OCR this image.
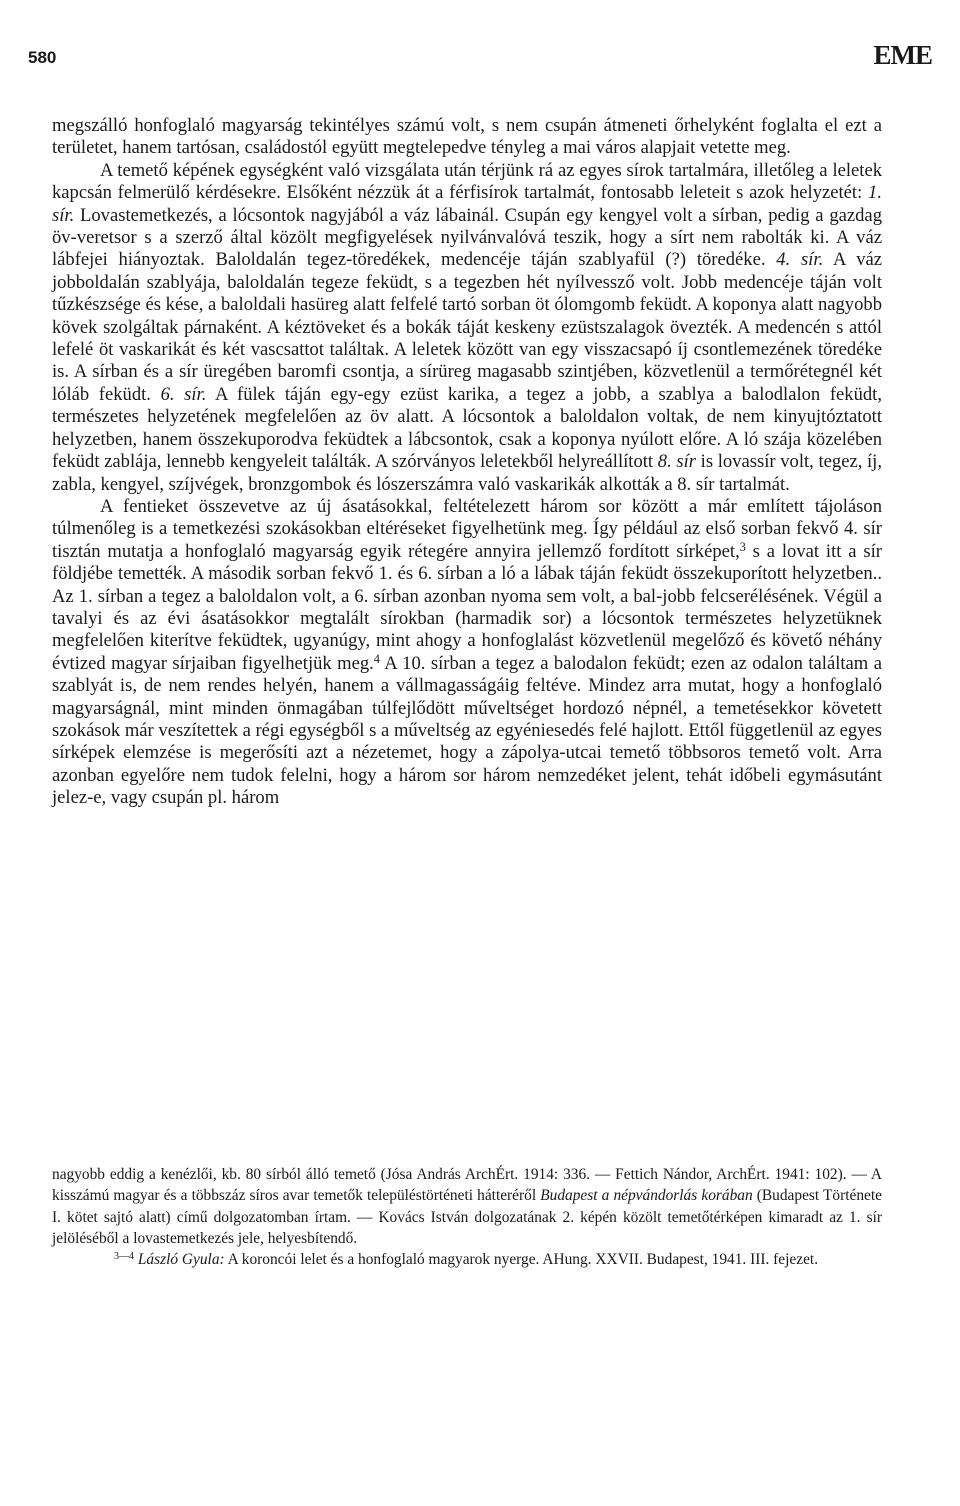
580	EME

megszálló honfoglaló magyarság tekintélyes számú volt, s nem csupán átmeneti őrhelyként foglalta el ezt a területet, hanem tartósan, családostól együtt megtelepedve tényleg a mai város alapjait vetette meg.

A temető képének egységként való vizsgálata után térjünk rá az egyes sírok tartalmára, illetőleg a leletek kapcsán felmerülő kérdésekre. Elsőként nézzük át a férfisírok tartalmát, fontosabb leleteit s azok helyzetét: 1. sír. Lovastemetkezés, a lócsontok nagyjából a váz lábainál. Csupán egy kengyel volt a sírban, pedig a gazdag öv-veretsor s a szerző által közölt megfigyelések nyilvánvalóvá teszik, hogy a sírt nem rabolták ki. A váz lábfejei hiányoztak. Baloldalán tegez-töredékek, medencéje táján szablyafül (?) töredéke. 4. sír. A váz jobboldalán szablyája, baloldalán tegeze feküdt, s a tegezben hét nyílvessző volt. Jobb medencéje táján volt tűzkészsége és kése, a baloldali hasüreg alatt felfelé tartó sorban öt ólomgomb feküdt. A koponya alatt nagyobb kövek szolgáltak párnaként. A kéztöveket és a bokák táját keskeny ezüstszalagok övezték. A medencén s attól lefelé öt vaskarikát és két vascsattot találtak. A leletek között van egy visszacsapó íj csontlemezének töredéke is. A sírban és a sír üregében baromfi csontja, a sírüreg magasabb szintjében, közvetlenül a termőrétegnél két lóláb feküdt. 6. sír. A fülek táján egy-egy ezüst karika, a tegez a jobb, a szablya a balodlalon feküdt, természetes helyzetének megfelelően az öv alatt. A lócsontok a baloldalon voltak, de nem kinyujtóztatott helyzetben, hanem összekuporodva feküdtek a lábcsontok, csak a koponya nyúlott előre. A ló szája közelében feküdt zablája, lennebb kengyeleit találták. A szórványos leletekből helyreállított 8. sír is lovassír volt, tegez, íj, zabla, kengyel, szíjvégek, bronzgombok és lószerszámra való vaskarikák alkották a 8. sír tartalmát.

A fentieket összevetve az új ásatásokkal, feltételezett három sor között a már említett tájoláson túlmenőleg is a temetkezési szokásokban eltéréseket figyelhetünk meg. Így például az első sorban fekvő 4. sír tisztán mutatja a honfoglaló magyarság egyik rétegére annyira jellemző fordított sírképet,$^3$ s a lovat itt a sír földjébe temették. A második sorban fekvő 1. és 6. sírban a ló a lábak táján feküdt összekuporított helyzetben.. Az 1. sírban a tegez a baloldalon volt, a 6. sírban azonban nyoma sem volt, a bal-jobb felcserélésének. Végül a tavalyi és az évi ásatásokkor megtalált sírokban (harmadik sor) a lócsontok természetes helyzetüknek megfelelően kiterítve feküdtek, ugyanúgy, mint ahogy a honfoglalást közvetlenül megelőző és követő néhány évtized magyar sírjaiban figyelhetjük meg.$^4$ A 10. sírban a tegez a balodalon feküdt; ezen az odalon találtam a szablyát is, de nem rendes helyén, hanem a vállmagasságáig feltéve. Mindez arra mutat, hogy a honfoglaló magyarságnál, mint minden önmagában túlfejlődött műveltséget hordozó népnél, a temetésekkor követett szokások már veszítettek a régi egységből s a műveltség az egyéniesedés felé hajlott. Ettől függetlenül az egyes sírképek elemzése is megerősíti azt a nézetemet, hogy a zápolya-utcai temető többsoros temető volt. Arra azonban egyelőre nem tudok felelni, hogy a három sor három nemzedéket jelent, tehát időbeli egymásutánt jelez-e, vagy csupán pl. három

nagyobb eddig a kenézlői, kb. 80 sírból álló temető (Jósa András ArchÉrt. 1914: 336. — Fettich Nándor, ArchÉrt. 1941: 102). — A kisszámú magyar és a többszáz síros avar temetők településtörténeti hátteréről Budapest a népvándorlás korában (Budapest Története I. kötet sajtó alatt) című dolgozatomban írtam. — Kovács István dolgozatának 2. képén közölt temetőtérképen kimaradt az 1. sír jelöléséből a lovastemetkezés jele, helyesbítendő.

$^{3—4}$ László Gyula: A koroncói lelet és a honfoglaló magyarok nyerge. AHung. XXVII. Budapest, 1941. III. fejezet.
